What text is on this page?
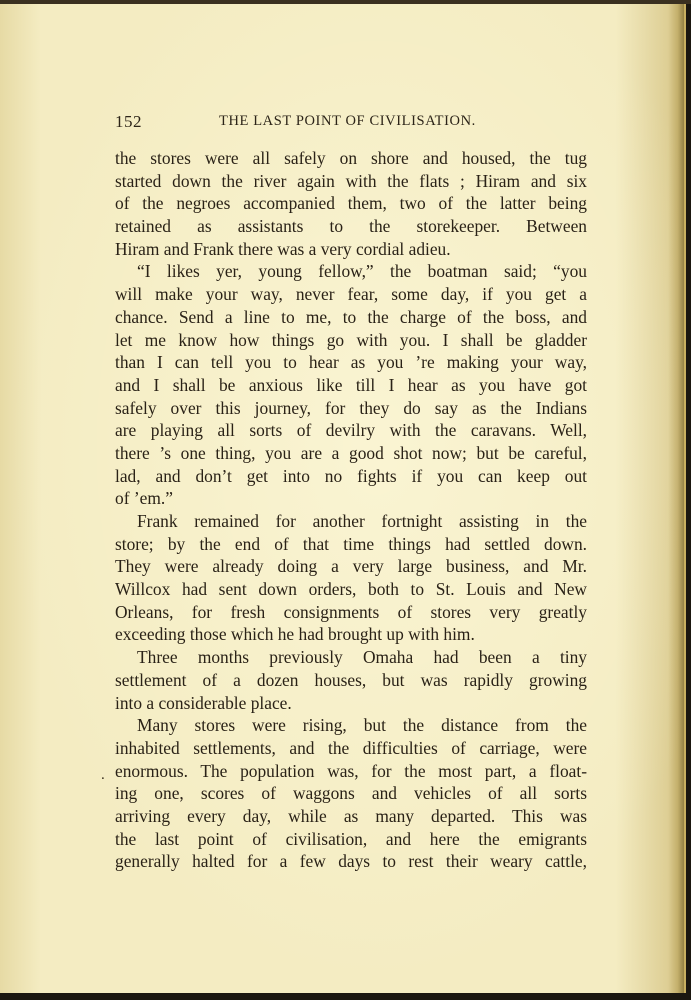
152	THE LAST POINT OF CIVILISATION.
the stores were all safely on shore and housed, the tug
started down the river again with the flats ; Hiram and six
of the negroes accompanied them, two of the latter being
retained as assistants to the storekeeper. Between
Hiram and Frank there was a very cordial adieu.
“I likes yer, young fellow,” the boatman said; “you
will make your way, never fear, some day, if you get a
chance. Send a line to me, to the charge of the boss, and
let me know how things go with you. I shall be gladder
than I can tell you to hear as you ’re making your way,
and I shall be anxious like till I hear as you have got
safely over this journey, for they do say as the Indians
are playing all sorts of devilry with the caravans. Well,
there ’s one thing, you are a good shot now; but be careful,
lad, and don’t get into no fights if you can keep out
of ’em.”
Frank remained for another fortnight assisting in the
store; by the end of that time things had settled down.
They were already doing a very large business, and Mr.
Willcox had sent down orders, both to St. Louis and New
Orleans, for fresh consignments of stores very greatly
exceeding those which he had brought up with him.
Three months previously Omaha had been a tiny
settlement of a dozen houses, but was rapidly growing
into a considerable place.
Many stores were rising, but the distance from the
inhabited settlements, and the difficulties of carriage, were
enormous. The population was, for the most part, a float-
ing one, scores of waggons and vehicles of all sorts
arriving every day, while as many departed. This was
the last point of civilisation, and here the emigrants
generally halted for a few days to rest their weary cattle,
.
